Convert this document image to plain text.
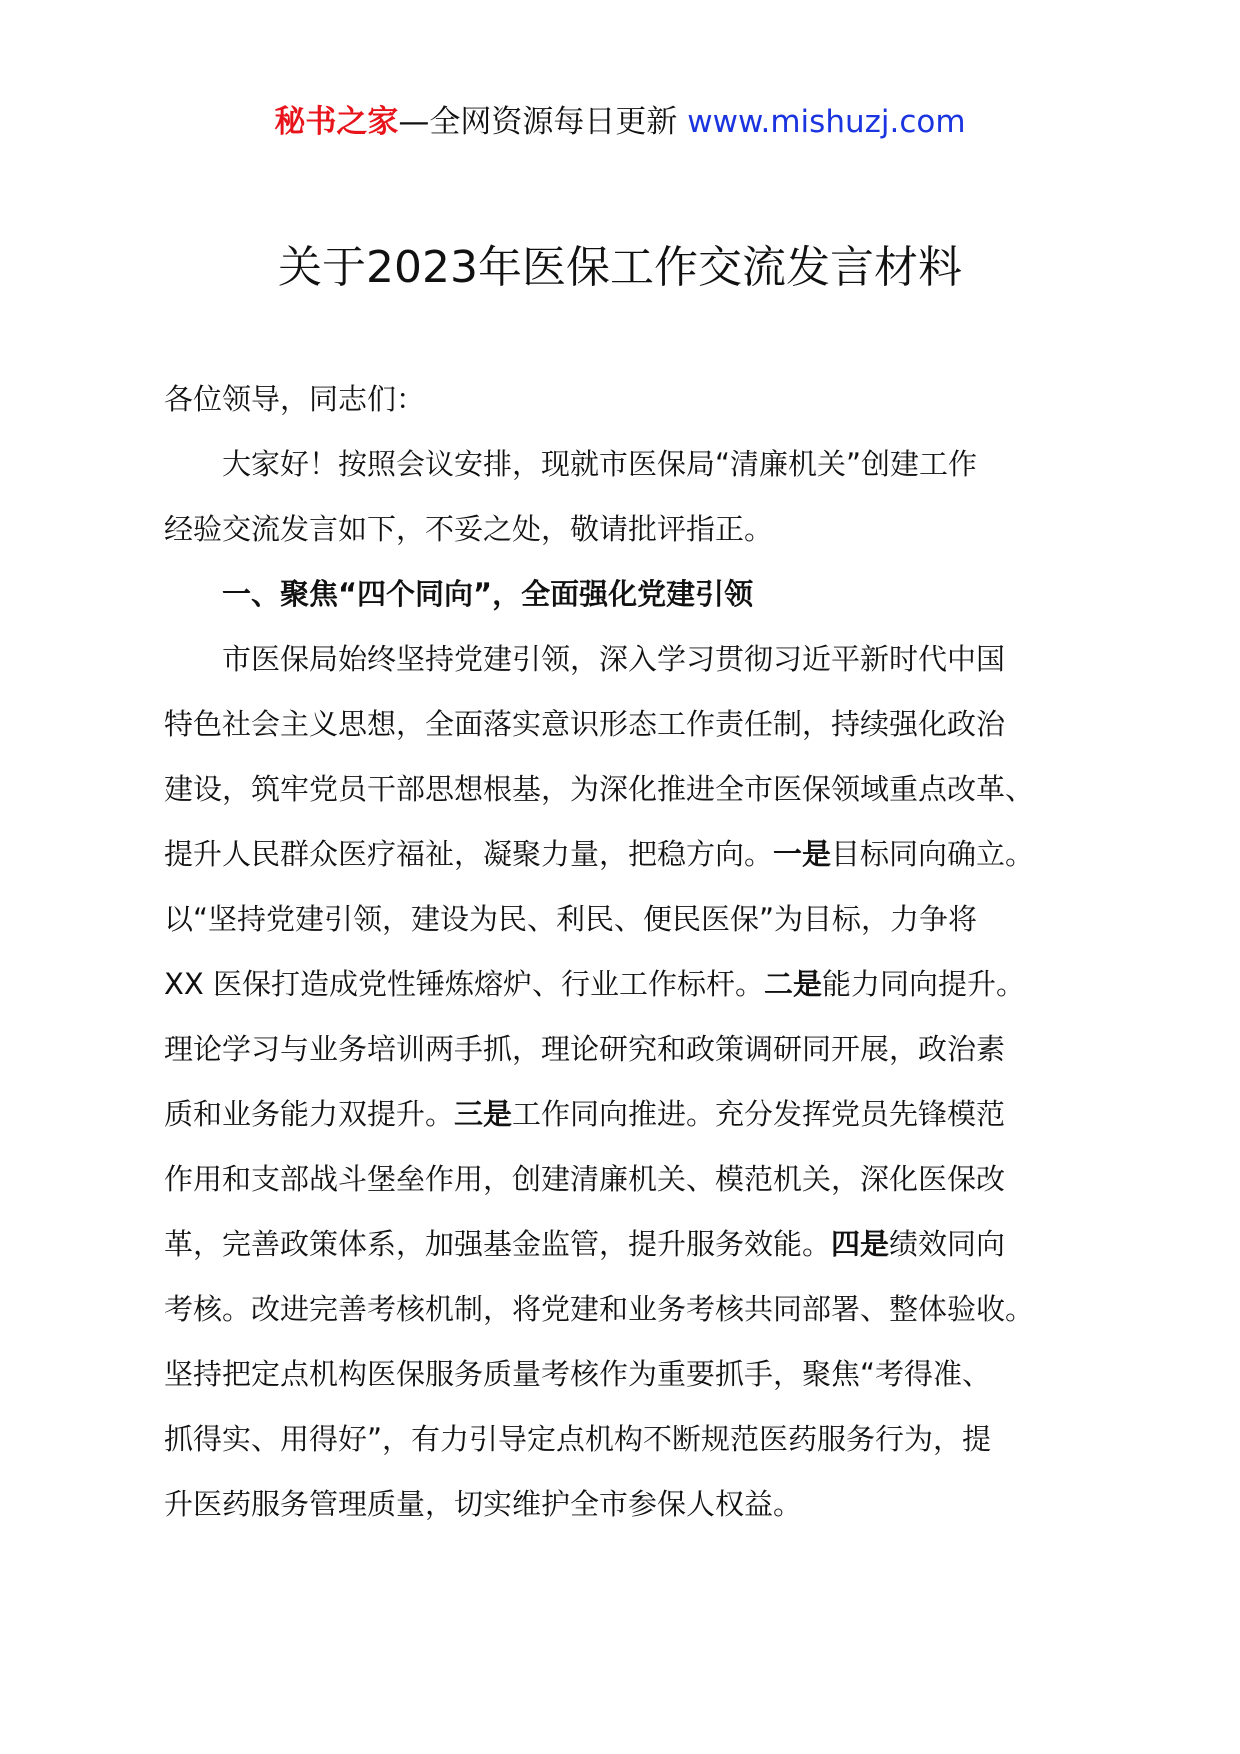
秘书之家—全网资源每日更新 www.mishuzj.com
关于2023年医保工作交流发言材料

各位领导，同志们：

大家好！按照会议安排，现就市医保局“清廉机关”创建工作
经验交流发言如下，不妥之处，敬请批评指正。

一、聚焦“四个同向”，全面强化党建引领

市医保局始终坚持党建引领，深入学习贯彻习近平新时代中国
特色社会主义思想，全面落实意识形态工作责任制，持续强化政治
建设，筑牢党员干部思想根基，为深化推进全市医保领域重点改革、
提升人民群众医疗福祉，凝聚力量，把稳方向。一是目标同向确立。
以“坚持党建引领，建设为民、利民、便民医保”为目标，力争将
XX 医保打造成党性锤炼熔炉、行业工作标杆。二是能力同向提升。
理论学习与业务培训两手抓，理论研究和政策调研同开展，政治素
质和业务能力双提升。三是工作同向推进。充分发挥党员先锋模范
作用和支部战斗堡垒作用，创建清廉机关、模范机关，深化医保改
革，完善政策体系，加强基金监管，提升服务效能。四是绩效同向
考核。改进完善考核机制，将党建和业务考核共同部署、整体验收。
坚持把定点机构医保服务质量考核作为重要抓手，聚焦“考得准、
抓得实、用得好”，有力引导定点机构不断规范医药服务行为，提
升医药服务管理质量，切实维护全市参保人权益。
